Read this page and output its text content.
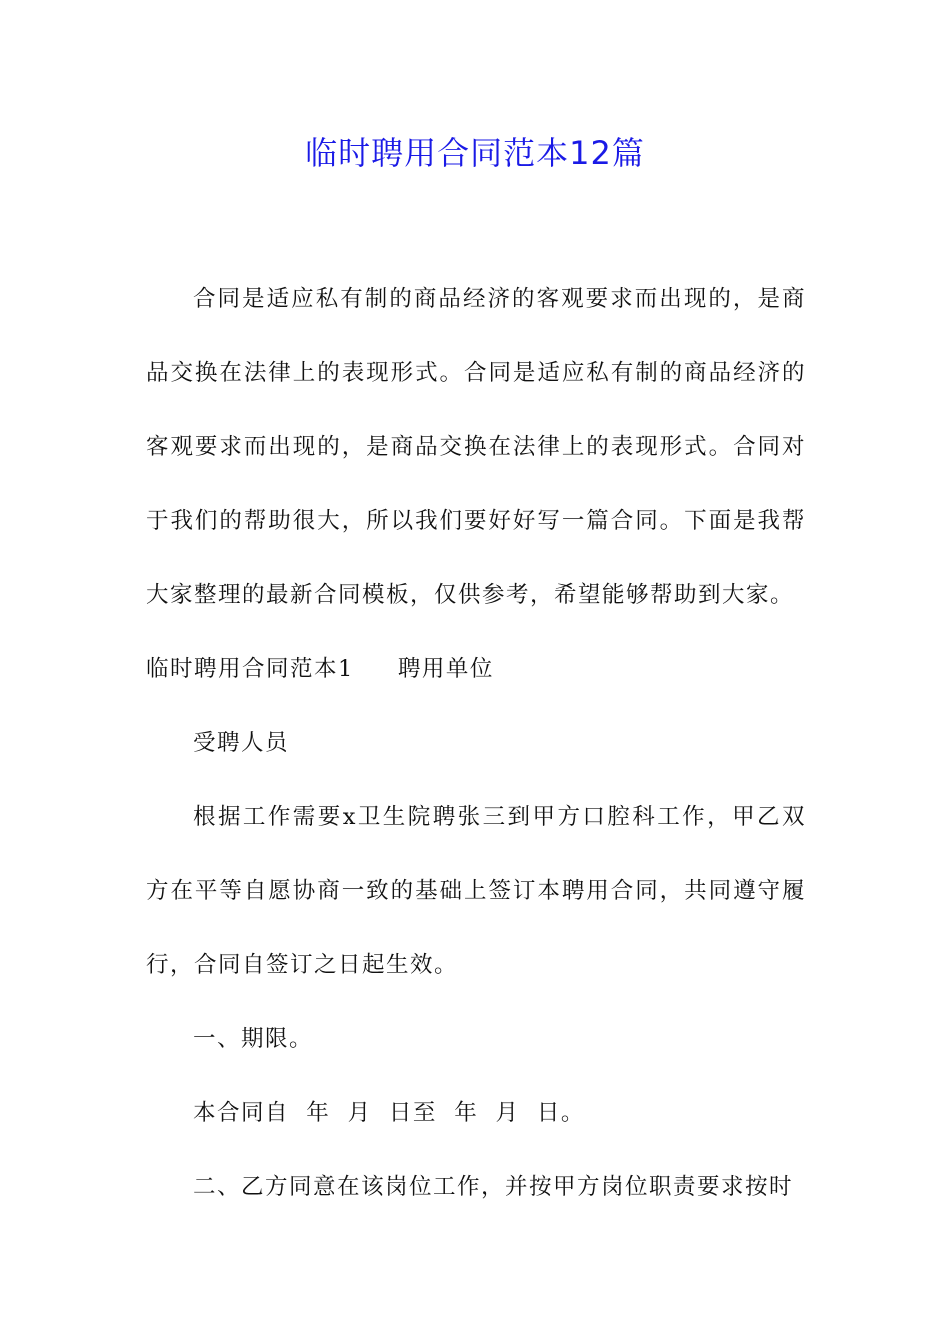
临时聘用合同范本12篇

合同是适应私有制的商品经济的客观要求而出现的，是商品交换在法律上的表现形式。合同是适应私有制的商品经济的客观要求而出现的，是商品交换在法律上的表现形式。合同对于我们的帮助很大，所以我们要好好写一篇合同。下面是我帮大家整理的最新合同模板，仅供参考，希望能够帮助到大家。

临时聘用合同范本1 聘用单位

受聘人员

根据工作需要x卫生院聘张三到甲方口腔科工作，甲乙双方在平等自愿协商一致的基础上签订本聘用合同，共同遵守履行，合同自签订之日起生效。

一、期限。

本合同自  年  月  日至  年  月  日。

二、乙方同意在该岗位工作，并按甲方岗位职责要求按时
